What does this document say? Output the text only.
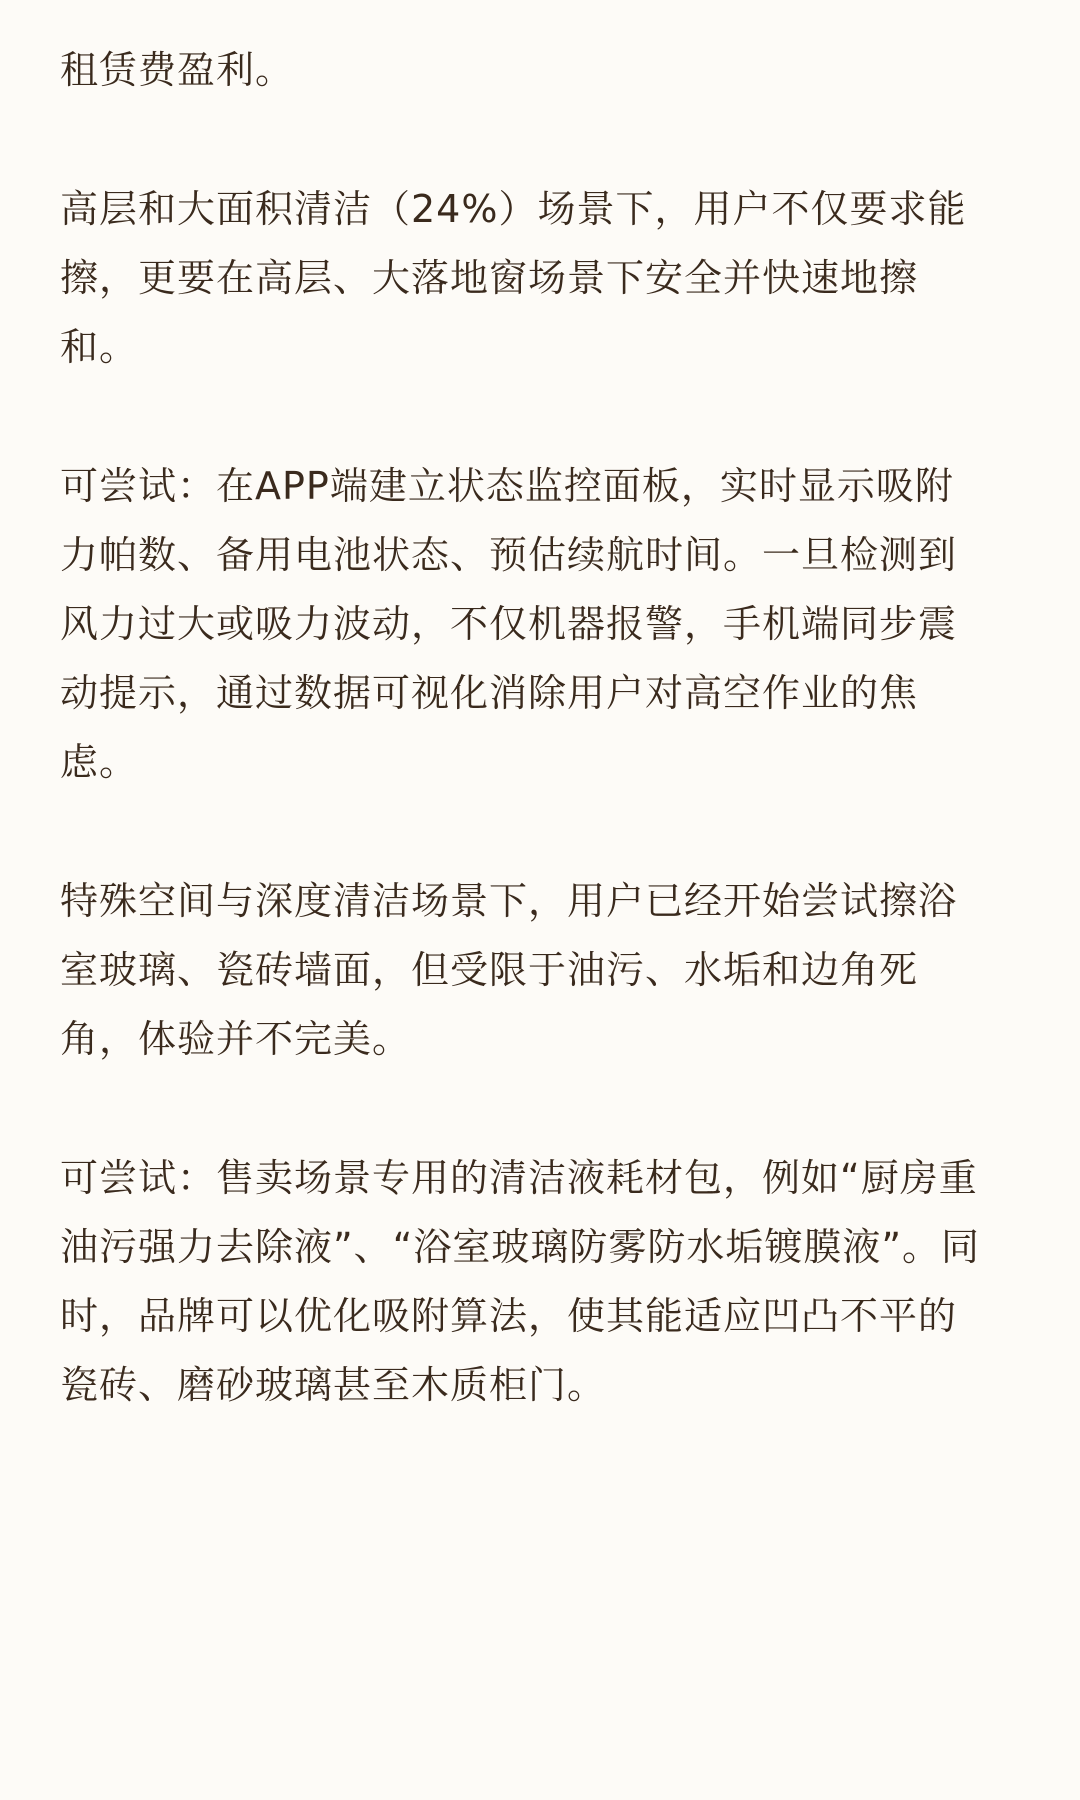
租赁费盈利。

高层和大面积清洁（24%）场景下，用户不仅要求能
擦，更要在高层、大落地窗场景下安全并快速地擦
和。

可尝试：在APP端建立状态监控面板，实时显示吸附
力帕数、备用电池状态、预估续航时间。一旦检测到
风力过大或吸力波动，不仅机器报警，手机端同步震
动提示，通过数据可视化消除用户对高空作业的焦
虑。

特殊空间与深度清洁场景下，用户已经开始尝试擦浴
室玻璃、瓷砖墙面，但受限于油污、水垢和边角死
角，体验并不完美。

可尝试：售卖场景专用的清洁液耗材包，例如“厨房重
油污强力去除液”、“浴室玻璃防雾防水垢镀膜液”。同
时，品牌可以优化吸附算法，使其能适应凹凸不平的
瓷砖、磨砂玻璃甚至木质柜门。
